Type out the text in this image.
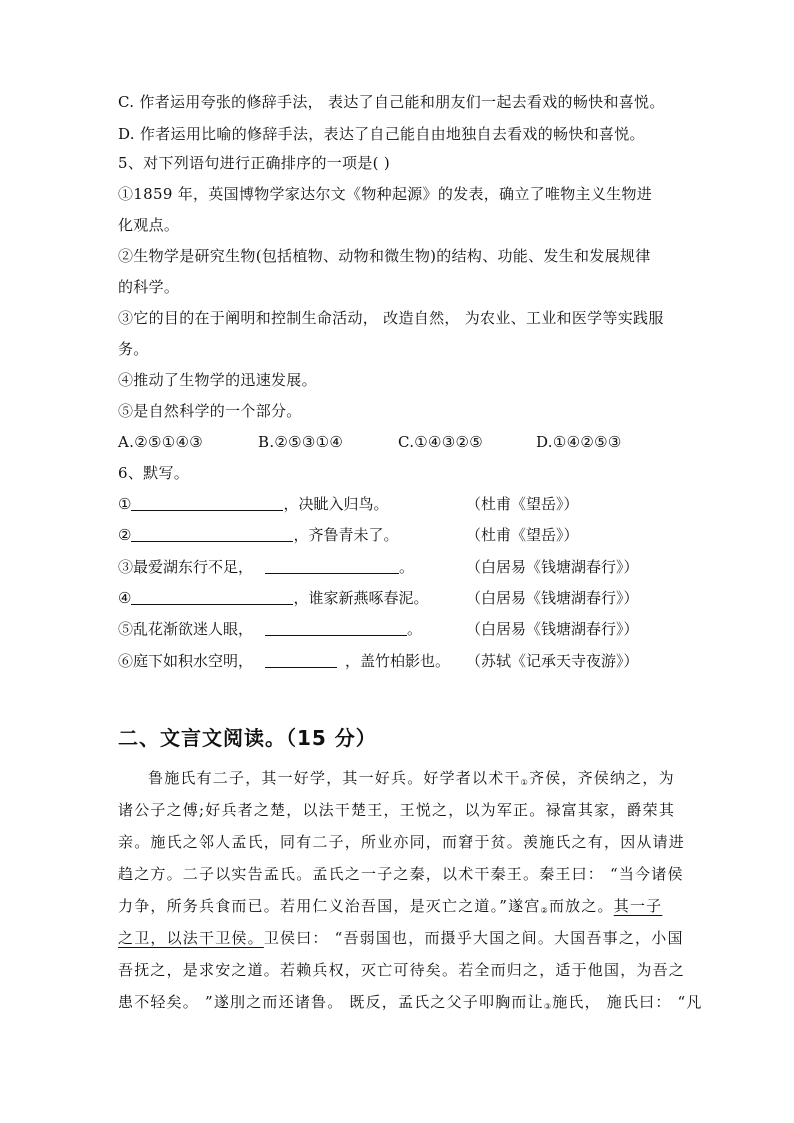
C. 作者运用夸张的修辞手法， 表达了自己能和朋友们一起去看戏的畅快和喜悦。
D. 作者运用比喻的修辞手法，表达了自己能自由地独自去看戏的畅快和喜悦。
5、对下列语句进行正确排序的一项是( )
①1859 年，英国博物学家达尔文《物种起源》的发表，确立了唯物主义生物进
化观点。
②生物学是研究生物(包括植物、动物和微生物)的结构、功能、发生和发展规律
的科学。
③它的目的在于阐明和控制生命活动， 改造自然， 为农业、工业和医学等实践服
务。
④推动了生物学的迅速发展。
⑤是自然科学的一个部分。
A.②⑤①④③	B.②⑤③①④	C.①④③②⑤	D.①④②⑤③
6、默写。
①	，决眦入归鸟。	（杜甫《望岳》）
②	，齐鲁青未了。	（杜甫《望岳》）
③最爱湖东行不足，	。	（白居易《钱塘湖春行》）
④	，谁家新燕啄春泥。	（白居易《钱塘湖春行》）
⑤乱花渐欲迷人眼，	。	（白居易《钱塘湖春行》）
⑥庭下如积水空明，	，盖竹柏影也。 （苏轼《记承天寺夜游》）
二、文言文阅读。（15 分）
鲁施氏有二子，其一好学，其一好兵。好学者以术干$_①$齐侯，齐侯纳之，为
诸公子之傅;好兵者之楚，以法干楚王，王悦之，以为军正。禄富其家，爵荣其
亲。施氏之邻人孟氏，同有二子，所业亦同，而窘于贫。羡施氏之有，因从请进
趋之方。二子以实告孟氏。孟氏之一子之秦，以术干秦王。秦王曰： “当今诸侯
力争，所务兵食而已。若用仁义治吾国，是灭亡之道。”遂宫$_②$而放之。其一子
之卫，以法干卫侯。卫侯曰： “吾弱国也，而摄乎大国之间。大国吾事之，小国
吾抚之，是求安之道。若赖兵权，灭亡可待矣。若全而归之，适于他国，为吾之
患不轻矣。 ”遂刖之而还诸鲁。 既反，孟氏之父子叩胸而让$_③$施氏， 施氏曰： “凡
